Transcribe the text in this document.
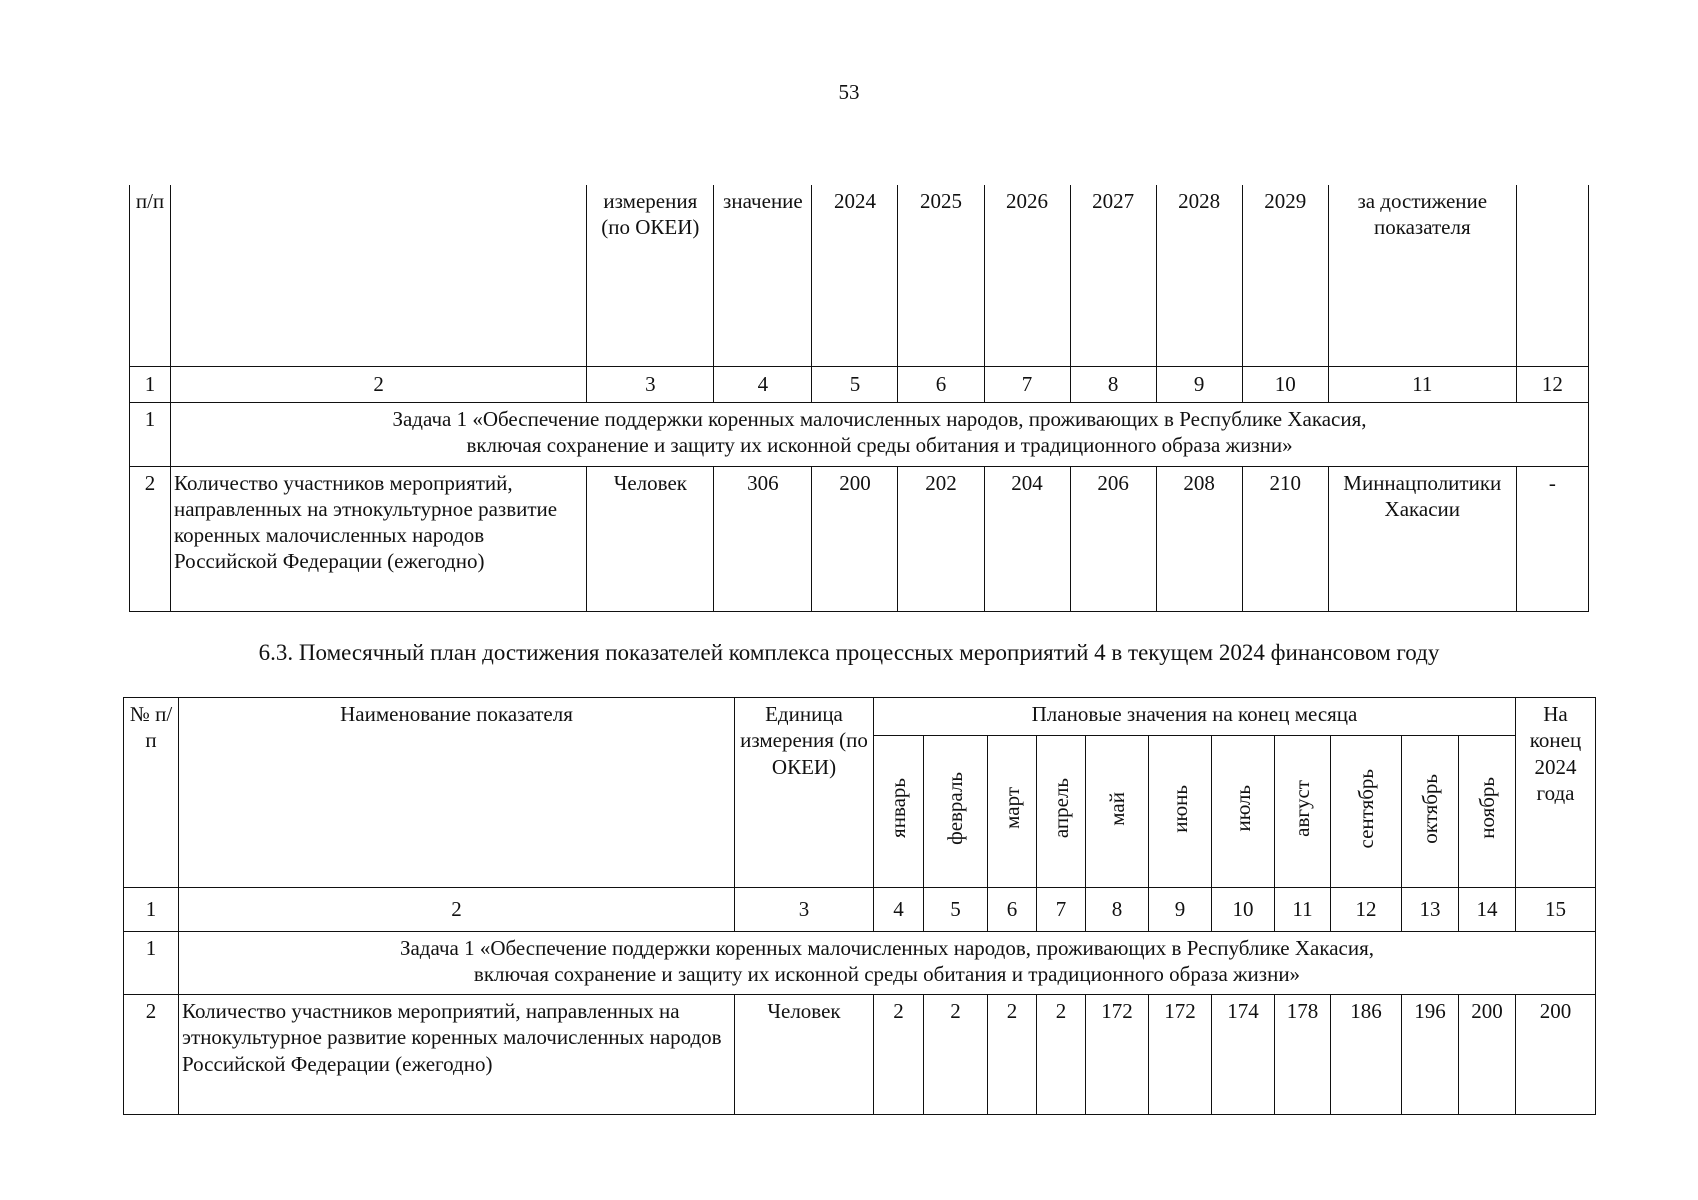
53
п/п		измерения (по ОКЕИ)	значение	2024	2025	2026	2027	2028	2029	за достижение показателя	
1	2	3	4	5	6	7	8	9	10	11	12
1	Задача 1 «Обеспечение поддержки коренных малочисленных народов, проживающих в Республике Хакасия,
включая сохранение и защиту их исконной среды обитания и традиционного образа жизни»										

2	Количество участников мероприятий, направленных на этнокультурное развитие коренных малочисленных народов Российской Федерации (ежегодно)	Человек	306	200	202	204	206	208	210	Миннацполитики Хакасии	-
6.3. Помесячный план достижения показателей комплекса процессных мероприятий 4 в текущем 2024 финансовом году
№ п/п	Наименование показателя	Единица измерения (по ОКЕИ)	Плановые значения на конец месяца											На конец 2024 года
			январь	февраль	март	апрель	май	июнь	июль	август	сентябрь	октябрь	ноябрь	
1	2	3	4	5	6	7	8	9	10	11	12	13	14	15
1	Задача 1 «Обеспечение поддержки коренных малочисленных народов, проживающих в Республике Хакасия,
включая сохранение и защиту их исконной среды обитания и традиционного образа жизни»													

2	Количество участников мероприятий, направленных на этнокультурное развитие коренных малочисленных народов Российской Федерации (ежегодно)	Человек	2	2	2	2	172	172	174	178	186	196	200	200
